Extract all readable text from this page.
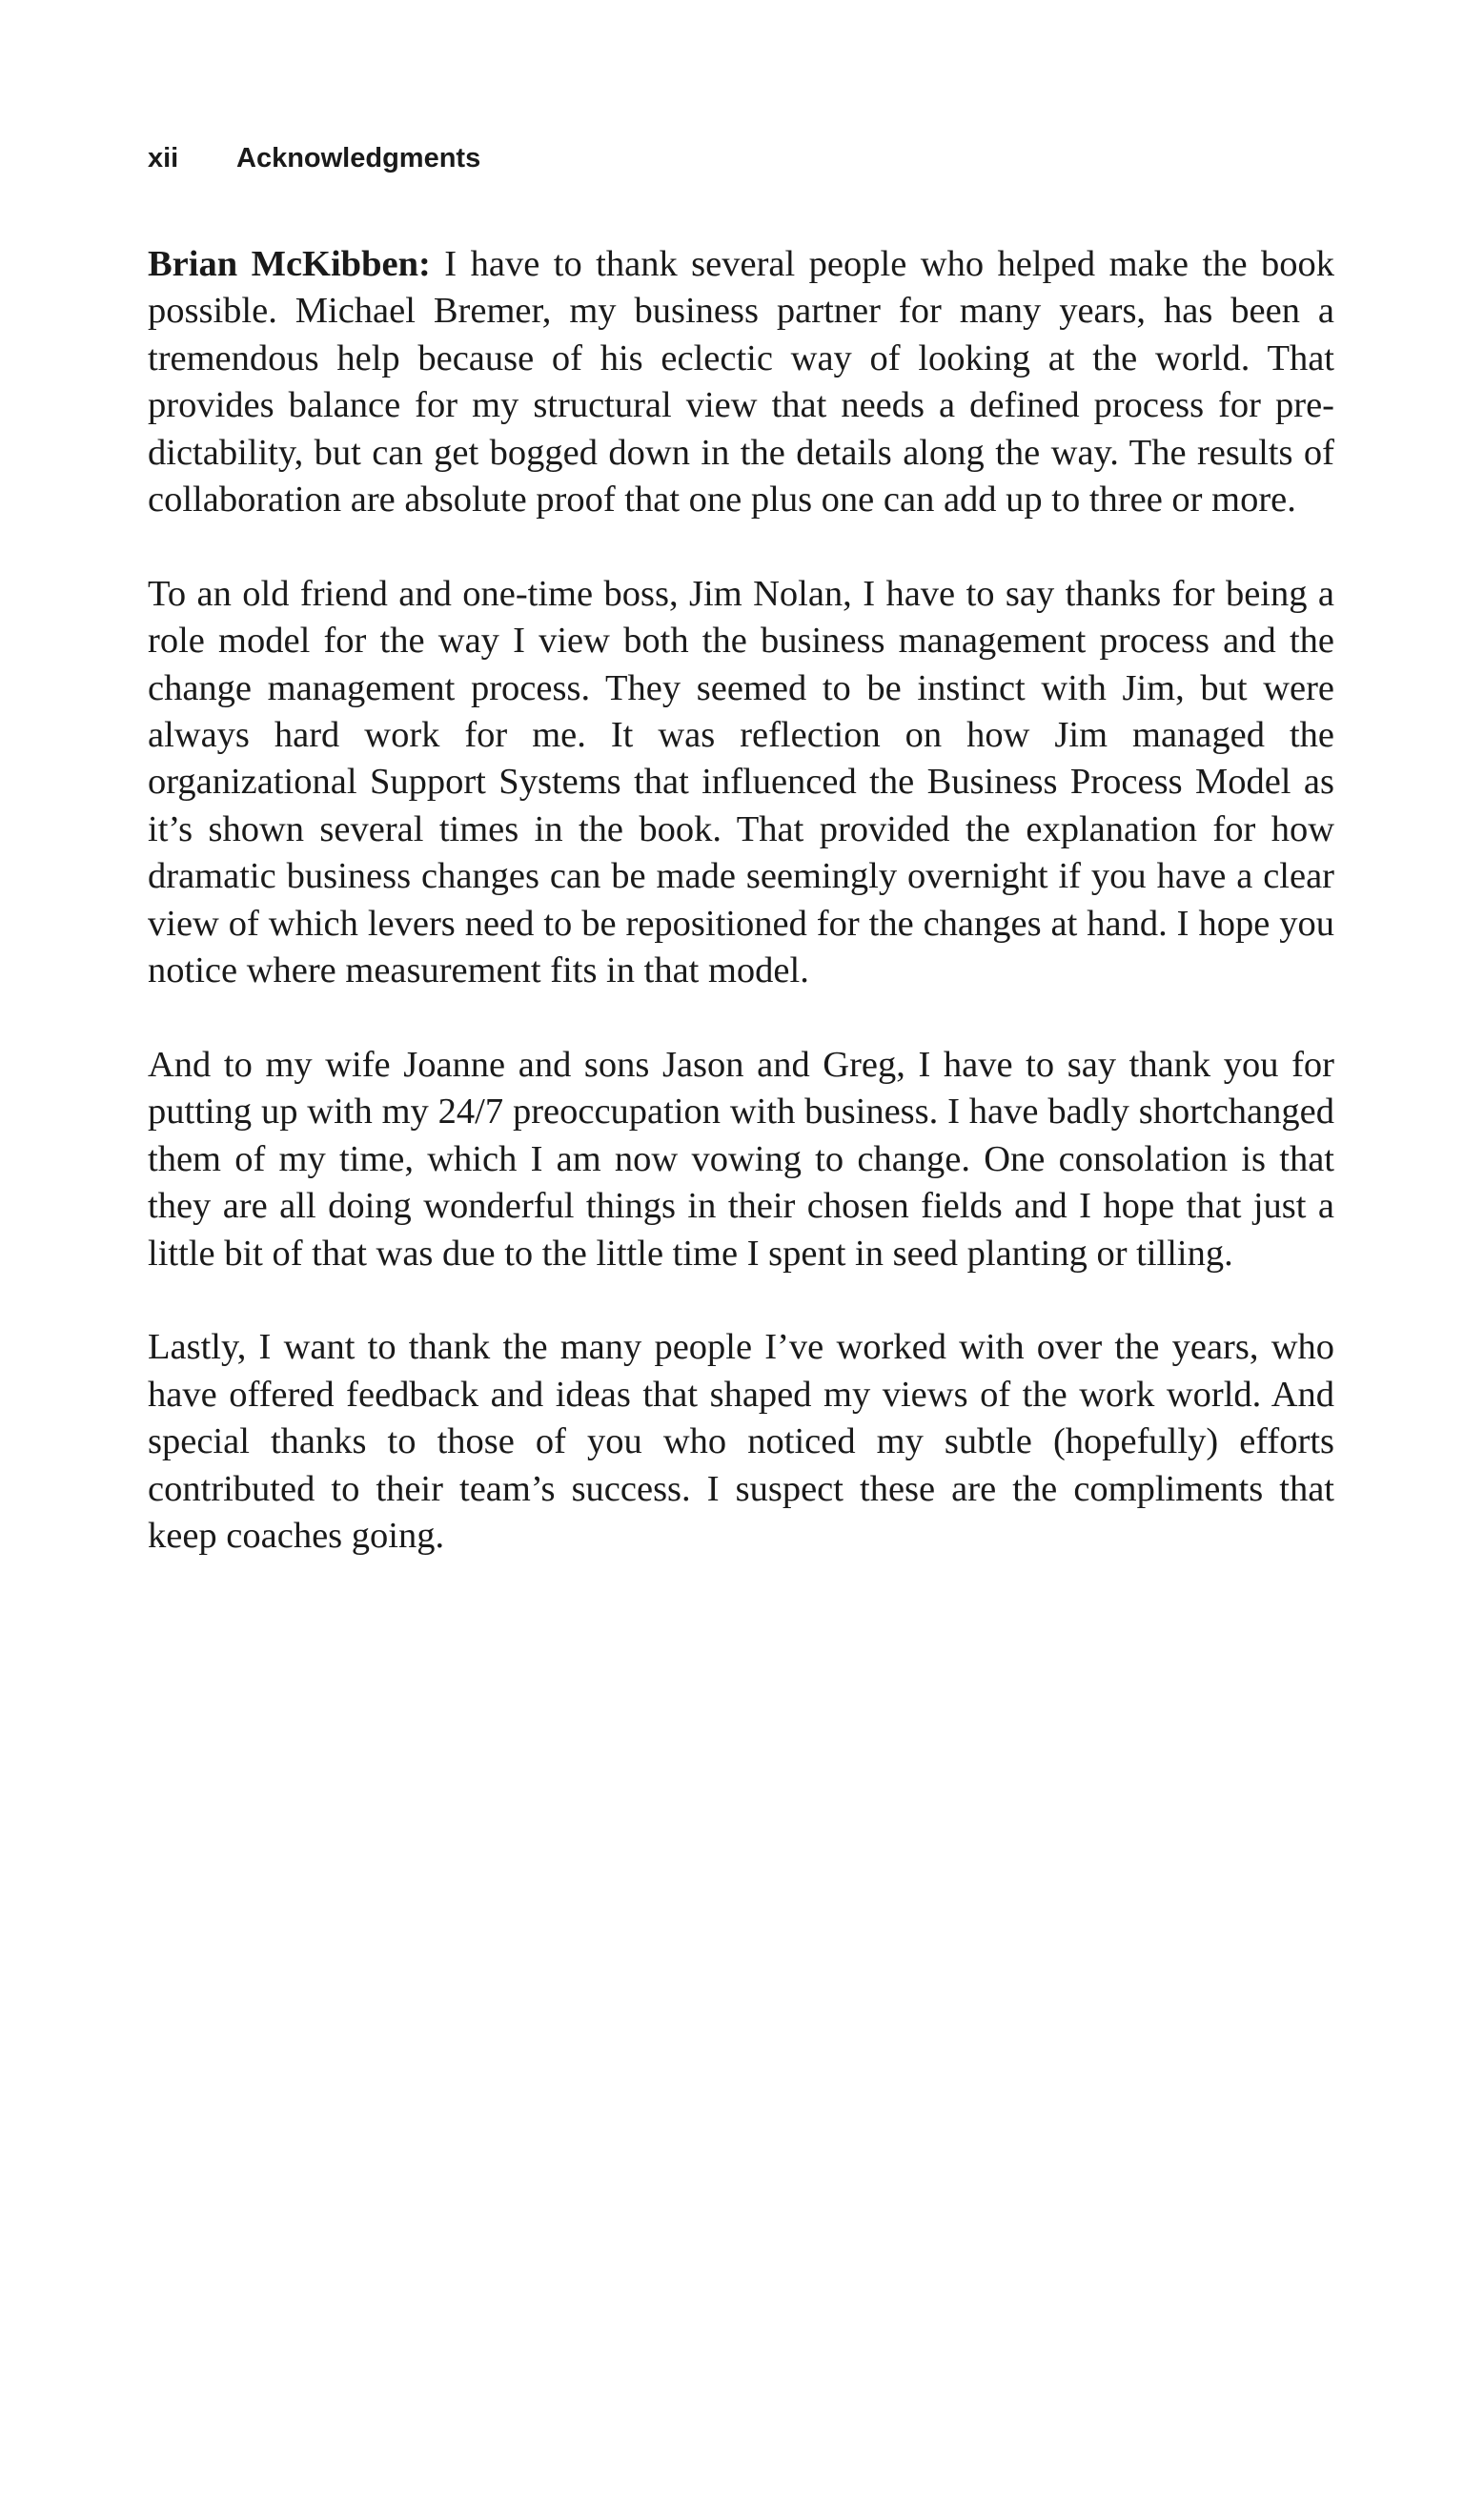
xii Acknowledgments

Brian McKibben: I have to thank several people who helped make the book possible. Michael Bremer, my business partner for many years, has been a tremendous help because of his eclectic way of looking at the world. That provides balance for my structural view that needs a defined process for predictability, but can get bogged down in the details along the way. The results of collaboration are absolute proof that one plus one can add up to three or more.

To an old friend and one-time boss, Jim Nolan, I have to say thanks for being a role model for the way I view both the business management process and the change management process. They seemed to be instinct with Jim, but were always hard work for me. It was reflection on how Jim managed the organizational Support Systems that influenced the Business Process Model as it’s shown several times in the book. That provided the explanation for how dramatic business changes can be made seemingly overnight if you have a clear view of which levers need to be repositioned for the changes at hand. I hope you notice where measurement fits in that model.

And to my wife Joanne and sons Jason and Greg, I have to say thank you for putting up with my 24/7 preoccupation with business. I have badly shortchanged them of my time, which I am now vowing to change. One consolation is that they are all doing wonderful things in their chosen fields and I hope that just a little bit of that was due to the little time I spent in seed planting or tilling.

Lastly, I want to thank the many people I’ve worked with over the years, who have offered feedback and ideas that shaped my views of the work world. And special thanks to those of you who noticed my subtle (hopefully) efforts contributed to their team’s success. I suspect these are the compliments that keep coaches going.
